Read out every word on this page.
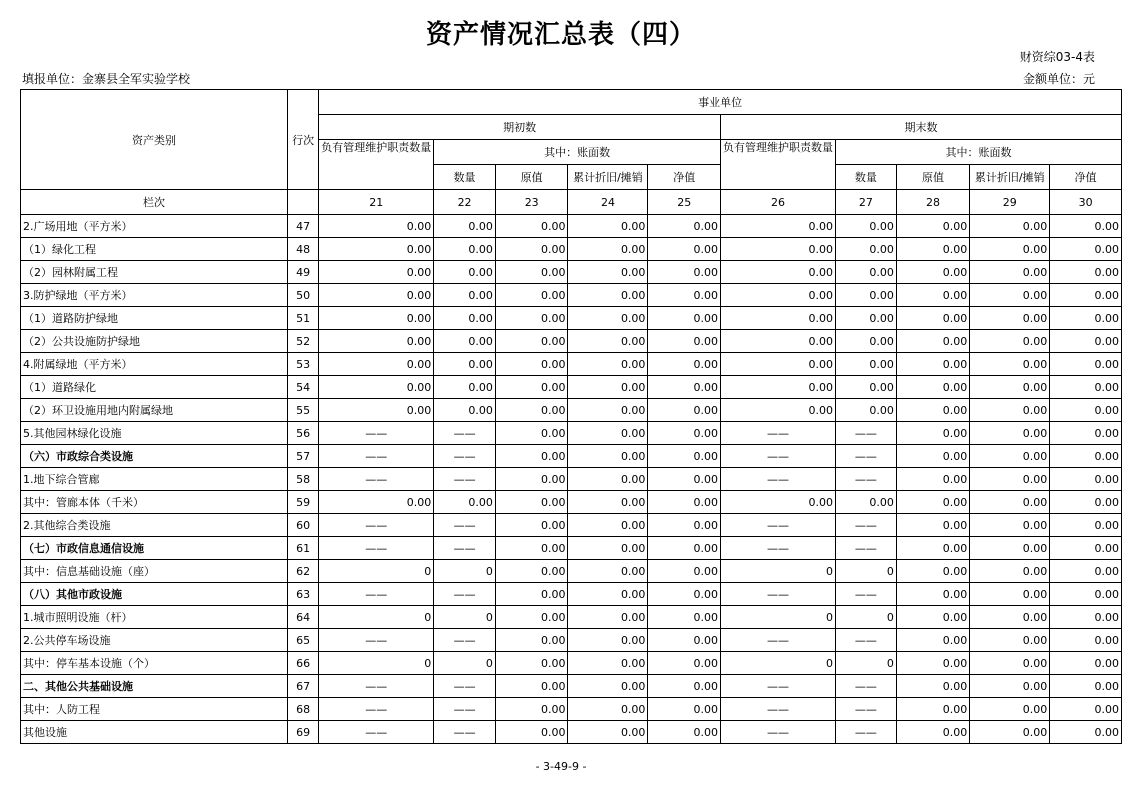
资产情况汇总表（四）
财资综03-4表
填报单位：金寨县全军实验学校	金额单位：元
资产类别	行次	事业单位									
		期初数					期末数				
		负有管理维护职责数量	其中：账面数				负有管理维护职责数量	其中：账面数			
			数量	原值	累计折旧/摊销	净值		数量	原值	累计折旧/摊销	净值
栏次		21	22	23	24	25	26	27	28	29	30
2.广场用地（平方米）	47	0.00	0.00	0.00	0.00	0.00	0.00	0.00	0.00	0.00	0.00
（1）绿化工程	48	0.00	0.00	0.00	0.00	0.00	0.00	0.00	0.00	0.00	0.00
（2）园林附属工程	49	0.00	0.00	0.00	0.00	0.00	0.00	0.00	0.00	0.00	0.00
3.防护绿地（平方米）	50	0.00	0.00	0.00	0.00	0.00	0.00	0.00	0.00	0.00	0.00
（1）道路防护绿地	51	0.00	0.00	0.00	0.00	0.00	0.00	0.00	0.00	0.00	0.00
（2）公共设施防护绿地	52	0.00	0.00	0.00	0.00	0.00	0.00	0.00	0.00	0.00	0.00
4.附属绿地（平方米）	53	0.00	0.00	0.00	0.00	0.00	0.00	0.00	0.00	0.00	0.00
（1）道路绿化	54	0.00	0.00	0.00	0.00	0.00	0.00	0.00	0.00	0.00	0.00
（2）环卫设施用地内附属绿地	55	0.00	0.00	0.00	0.00	0.00	0.00	0.00	0.00	0.00	0.00
5.其他园林绿化设施	56	——	——	0.00	0.00	0.00	——	——	0.00	0.00	0.00
（六）市政综合类设施	57	——	——	0.00	0.00	0.00	——	——	0.00	0.00	0.00
1.地下综合管廊	58	——	——	0.00	0.00	0.00	——	——	0.00	0.00	0.00
其中：管廊本体（千米）	59	0.00	0.00	0.00	0.00	0.00	0.00	0.00	0.00	0.00	0.00
2.其他综合类设施	60	——	——	0.00	0.00	0.00	——	——	0.00	0.00	0.00
（七）市政信息通信设施	61	——	——	0.00	0.00	0.00	——	——	0.00	0.00	0.00
其中：信息基础设施（座）	62	0	0	0.00	0.00	0.00	0	0	0.00	0.00	0.00
（八）其他市政设施	63	——	——	0.00	0.00	0.00	——	——	0.00	0.00	0.00
1.城市照明设施（杆）	64	0	0	0.00	0.00	0.00	0	0	0.00	0.00	0.00
2.公共停车场设施	65	——	——	0.00	0.00	0.00	——	——	0.00	0.00	0.00
其中：停车基本设施（个）	66	0	0	0.00	0.00	0.00	0	0	0.00	0.00	0.00
二、其他公共基础设施	67	——	——	0.00	0.00	0.00	——	——	0.00	0.00	0.00
其中：人防工程	68	——	——	0.00	0.00	0.00	——	——	0.00	0.00	0.00
其他设施	69	——	——	0.00	0.00	0.00	——	——	0.00	0.00	0.00
- 3-49-9 -
